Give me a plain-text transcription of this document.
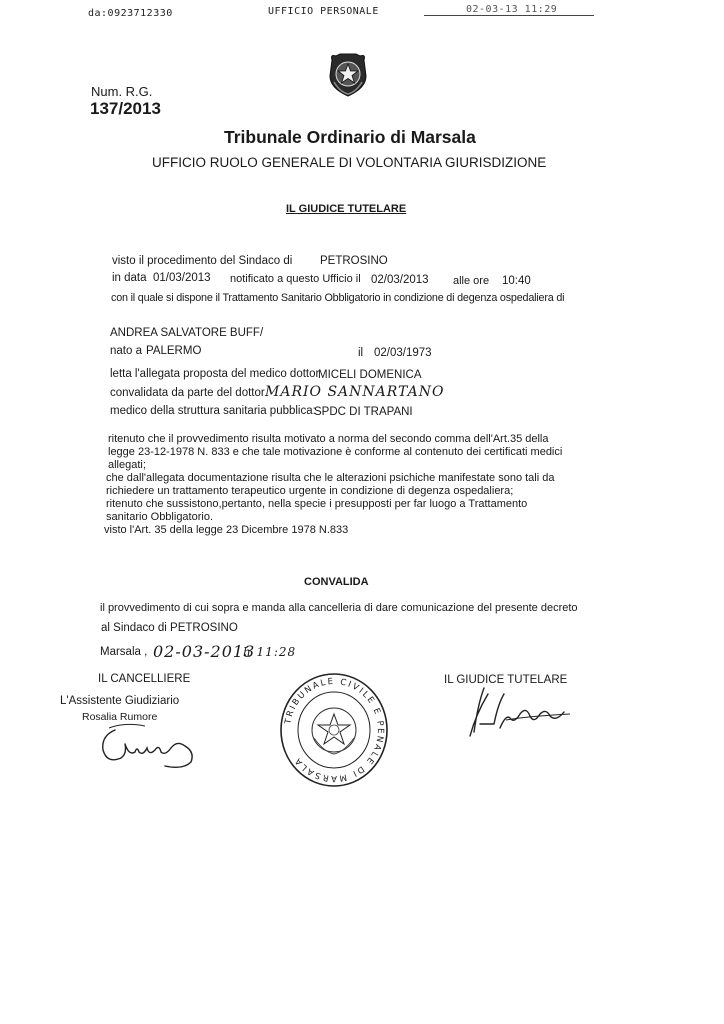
da:0923712330	UFFICIO PERSONALE	02-03-13 11:29
Num. R.G.
137/2013
Tribunale Ordinario di Marsala
UFFICIO RUOLO GENERALE DI VOLONTARIA GIURISDIZIONE
IL GIUDICE TUTELARE
visto il procedimento del Sindaco di PETROSINO
in data 01/03/2013 notificato a questo Ufficio il 02/03/2013 alle ore 10:40
con il quale si dispone il Trattamento Sanitario Obbligatorio in condizione di degenza ospedaliera di
ANDREA SALVATORE BUFF/
nato a PALERMO	il 02/03/1973
letta l'allegata proposta del medico dottor
MICELI DOMENICA
convalidata da parte del dottor MARIO SANNARTANO
medico della struttura sanitaria pubblica:
SPDC DI TRAPANI
ritenuto che il provvedimento risulta motivato a norma del secondo comma dell'Art.35 della
legge 23-12-1978 N. 833 e che tale motivazione è conforme al contenuto dei certificati medici
allegati;
che dall'allegata documentazione risulta che le alterazioni psichiche manifestate sono tali da
richiedere un trattamento terapeutico urgente in condizione di degenza ospedaliera;
ritenuto che sussistono,pertanto, nella specie i presupposti per far luogo a Trattamento
sanitario Obbligatorio.
visto l'Art. 35 della legge 23 Dicembre 1978 N.833
CONVALIDA
il provvedimento di cui sopra e manda alla cancelleria di dare comunicazione del presente decreto
al Sindaco di PETROSINO
Marsala , 02-03-2013
h 11:28
IL CANCELLIERE
L'Assistente Giudiziario
Rosalia Rumore
IL GIUDICE TUTELARE
TRIBUNALE CIVILE E PENALE DI MARSALA
